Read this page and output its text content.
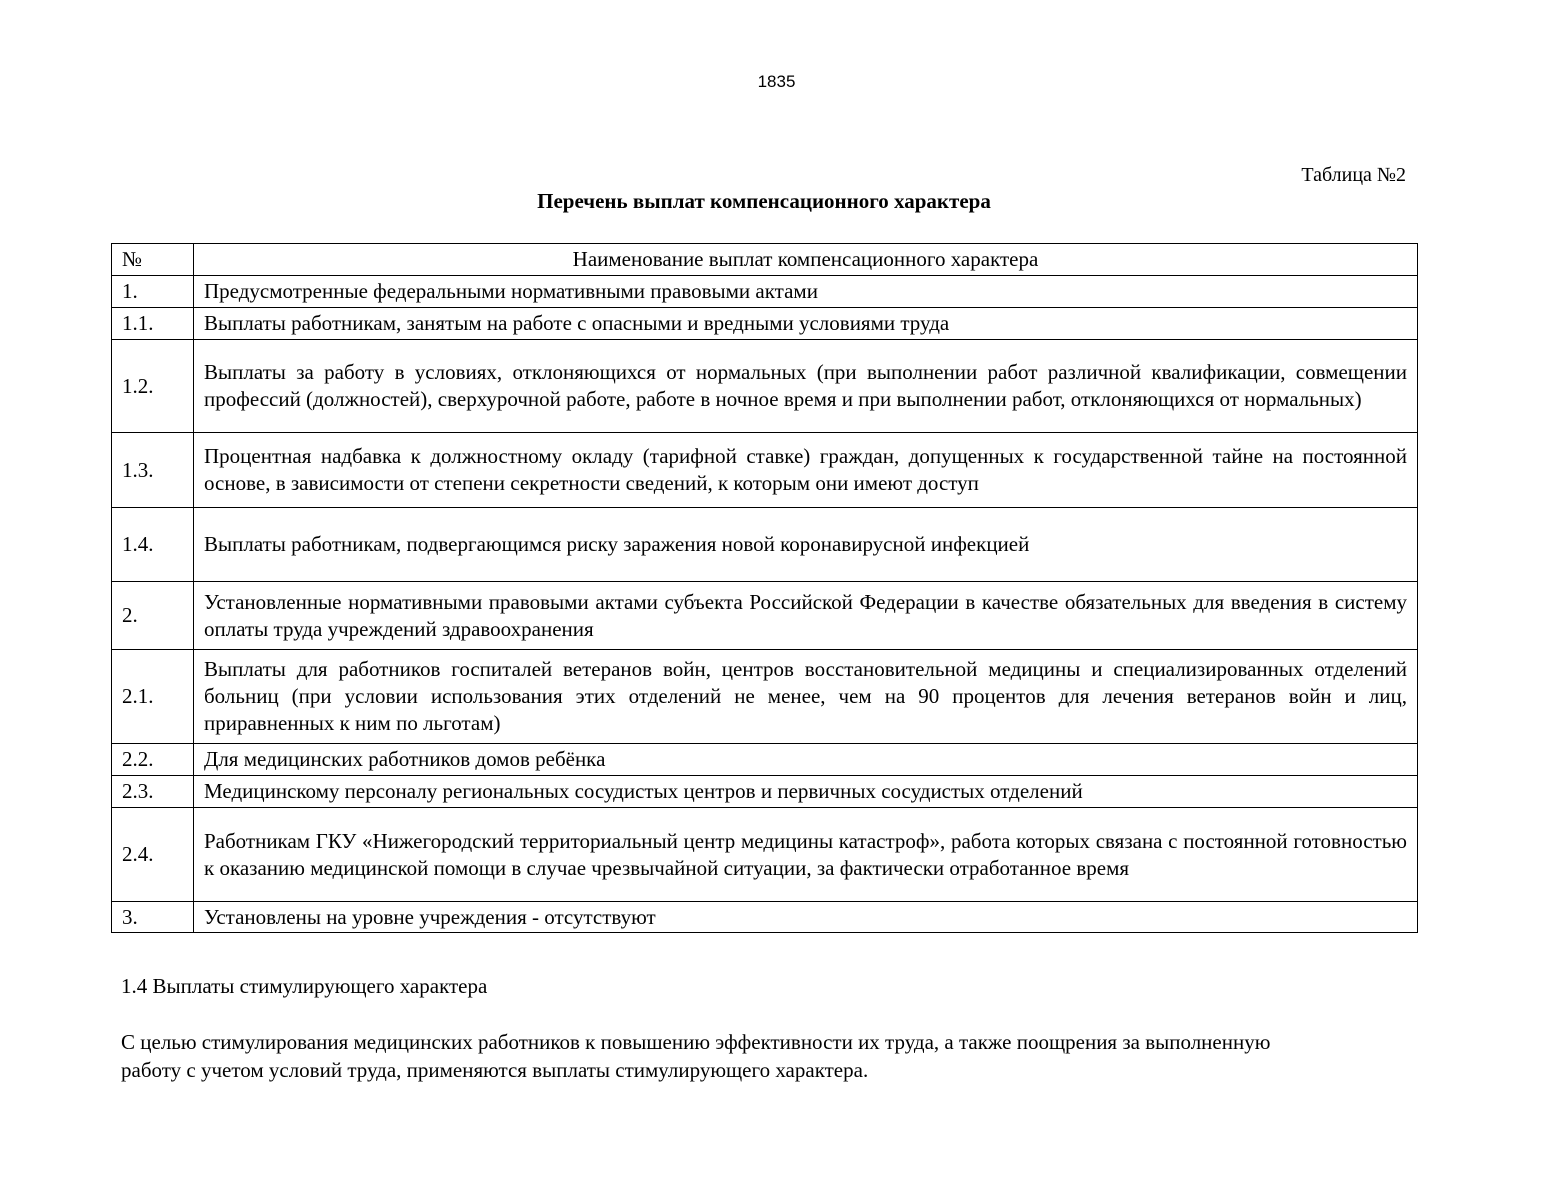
1835
Таблица №2
Перечень выплат компенсационного характера
№	Наименование выплат компенсационного характера
1.	Предусмотренные федеральными нормативными правовыми актами
1.1.	Выплаты работникам, занятым на работе с опасными и вредными условиями труда
1.2.	Выплаты за работу в условиях, отклоняющихся от нормальных (при выполнении работ различной квалификации, совмещении профессий (должностей), сверхурочной работе, работе в ночное время и при выполнении работ, отклоняющихся от нормальных)
1.3.	Процентная надбавка к должностному окладу (тарифной ставке) граждан, допущенных к государственной тайне на постоянной основе, в зависимости от степени секретности сведений, к которым они имеют доступ
1.4.	Выплаты работникам, подвергающимся риску заражения новой коронавирусной инфекцией
2.	Установленные нормативными правовыми актами субъекта Российской Федерации в качестве обязательных для введения в систему оплаты труда учреждений здравоохранения
2.1.	Выплаты для работников госпиталей ветеранов войн, центров восстановительной медицины и специализированных отделений больниц (при условии использования этих отделений не менее, чем на 90 процентов для лечения ветеранов войн и лиц, приравненных к ним по льготам)
2.2.	Для медицинских работников домов ребёнка
2.3.	Медицинскому персоналу региональных сосудистых центров и первичных сосудистых отделений
2.4.	Работникам ГКУ «Нижегородский территориальный центр медицины катастроф», работа которых связана с постоянной готовностью к оказанию медицинской помощи в случае чрезвычайной ситуации, за фактически отработанное время
3.	Установлены на уровне учреждения - отсутствуют
1.4 Выплаты стимулирующего характера
С целью стимулирования медицинских работников к повышению эффективности их труда, а также поощрения за выполненную работу с учетом условий труда, применяются выплаты стимулирующего характера.
